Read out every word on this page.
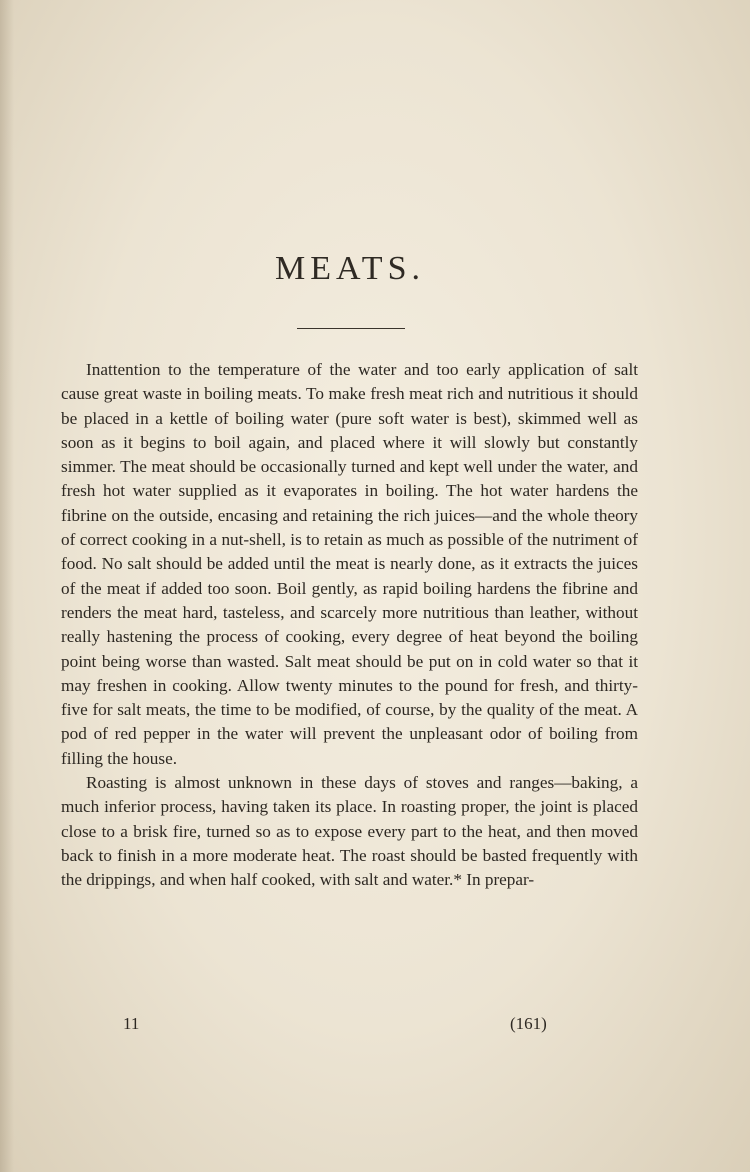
MEATS.

Inattention to the temperature of the water and too early application of salt cause great waste in boiling meats. To make fresh meat rich and nutritious it should be placed in a kettle of boiling water (pure soft water is best), skimmed well as soon as it begins to boil again, and placed where it will slowly but constantly simmer. The meat should be occasionally turned and kept well under the water, and fresh hot water supplied as it evaporates in boiling. The hot water hardens the fibrine on the outside, encasing and retaining the rich juices—and the whole theory of correct cooking in a nut-shell, is to retain as much as possible of the nutriment of food. No salt should be added until the meat is nearly done, as it extracts the juices of the meat if added too soon. Boil gently, as rapid boiling hardens the fibrine and renders the meat hard, tasteless, and scarcely more nutritious than leather, without really hastening the process of cooking, every degree of heat beyond the boiling point being worse than wasted. Salt meat should be put on in cold water so that it may freshen in cooking. Allow twenty minutes to the pound for fresh, and thirty-five for salt meats, the time to be modified, of course, by the quality of the meat. A pod of red pepper in the water will prevent the unpleasant odor of boiling from filling the house.

Roasting is almost unknown in these days of stoves and ranges—baking, a much inferior process, having taken its place. In roasting proper, the joint is placed close to a brisk fire, turned so as to expose every part to the heat, and then moved back to finish in a more moderate heat. The roast should be basted frequently with the drippings, and when half cooked, with salt and water.* In prepar-

11	(161)
